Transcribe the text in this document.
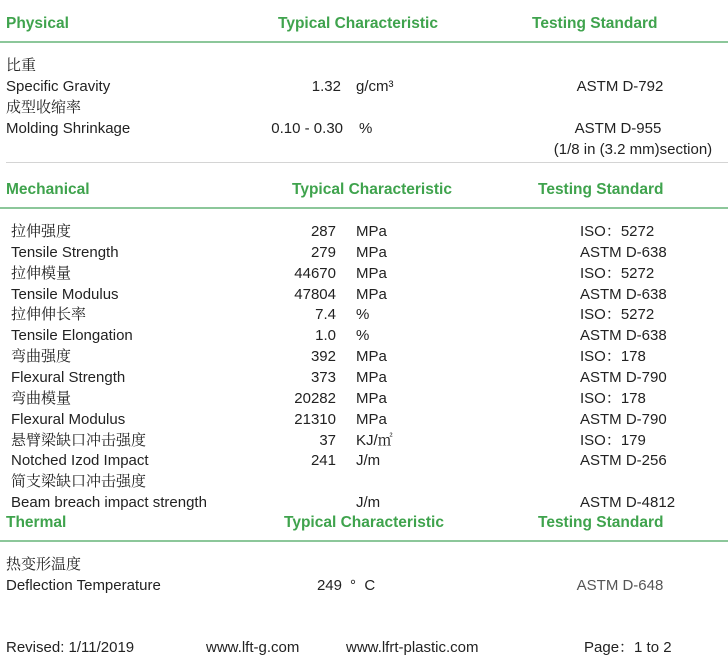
Physical	Typical Characteristic	Testing Standard
比重
Specific Gravity	1.32 g/cm³	ASTM D-792
成型收缩率
Molding Shrinkage	0.10 - 0.30 %	ASTM D-955
(1/8 in (3.2 mm)section)
Mechanical	Typical Characteristic	Testing Standard
拉伸强度	287 MPa	ISO：5272
Tensile Strength	279 MPa	ASTM D-638
拉伸模量	44670 MPa	ISO：5272
Tensile Modulus	47804 MPa	ASTM D-638
拉伸伸长率	7.4 %	ISO：5272
Tensile Elongation	1.0 %	ASTM D-638
弯曲强度	392 MPa	ISO：178
Flexural Strength	373 MPa	ASTM D-790
弯曲模量	20282 MPa	ISO：178
Flexural Modulus	21310 MPa	ASTM D-790
悬臂梁缺口冲击强度	37 KJ/㎡	ISO：179
Notched Izod Impact	241 J/m	ASTM D-256
简支梁缺口冲击强度
Beam breach impact strength	J/m	ASTM D-4812
Thermal	Typical Characteristic	Testing Standard
热变形温度
Deflection Temperature	249 °  C	ASTM D-648
Revised: 1/11/2019	www.lft-g.com	www.lfrt-plastic.com	Page：1 to 2
